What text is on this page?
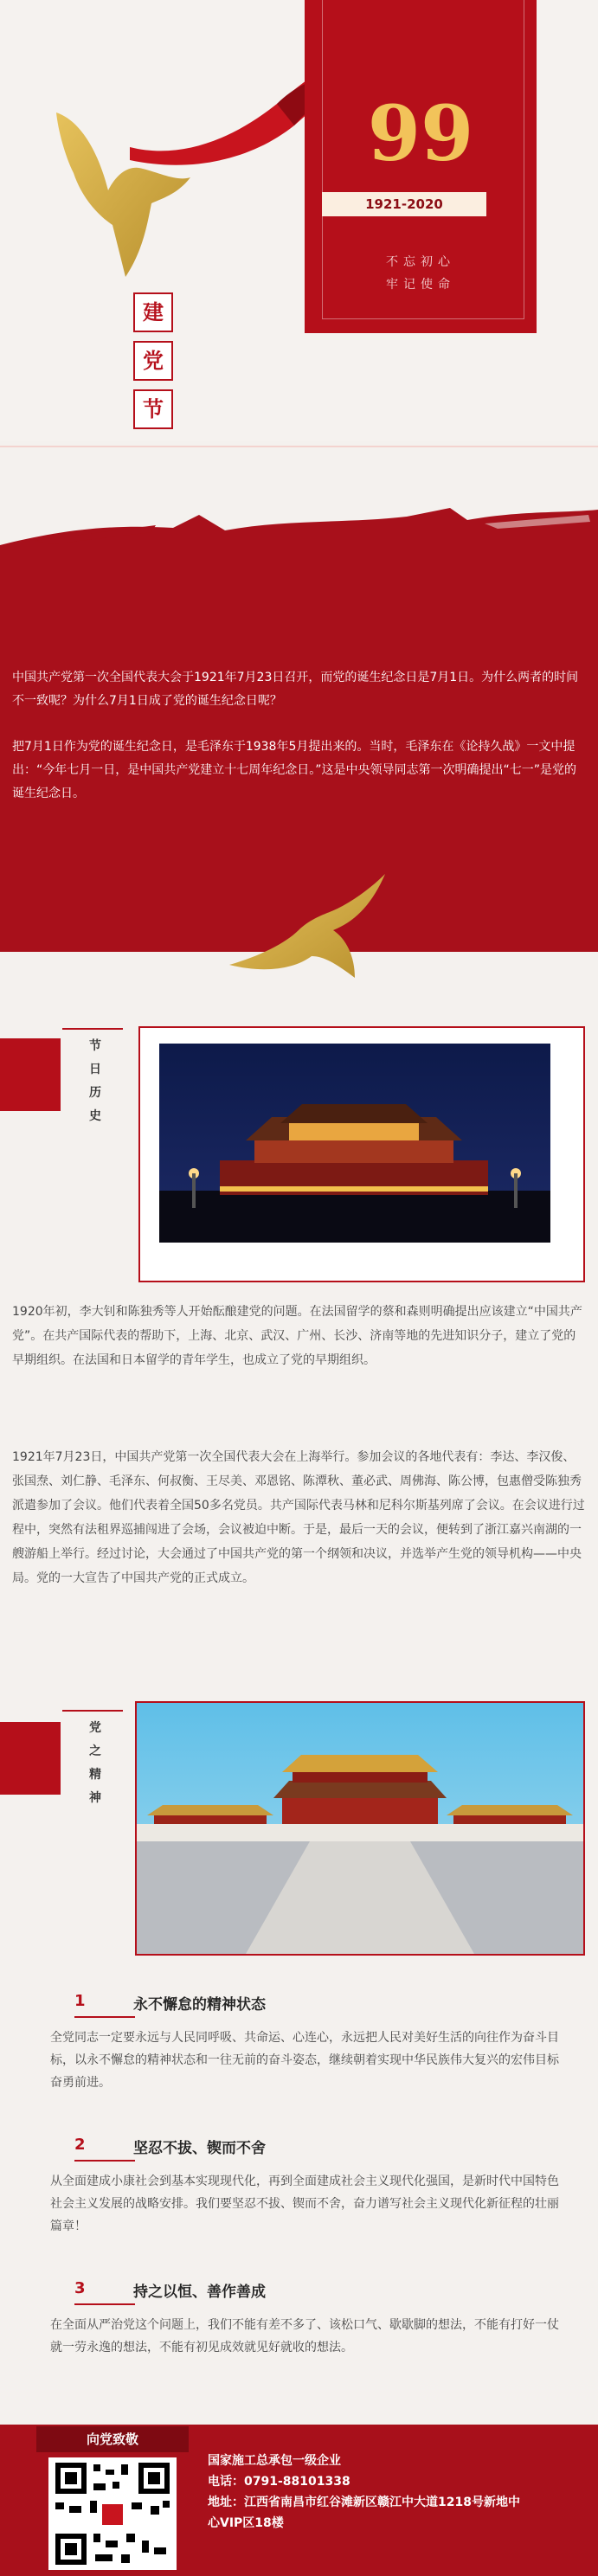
99
1921-2020
不忘初心
牢记使命
建
党
节

中国共产党第一次全国代表大会于1921年7月23日召开，而党的诞生纪念日是7月1日。为什么两者的时间不一致呢？为什么7月1日成了党的诞生纪念日呢？

把7月1日作为党的诞生纪念日，是毛泽东于1938年5月提出来的。当时，毛泽东在《论持久战》一文中提出：“今年七月一日，是中国共产党建立十七周年纪念日。”这是中央领导同志第一次明确提出“七一”是党的诞生纪念日。

节
日
历
史

1920年初，李大钊和陈独秀等人开始酝酿建党的问题。在法国留学的蔡和森则明确提出应该建立“中国共产党”。在共产国际代表的帮助下，上海、北京、武汉、广州、长沙、济南等地的先进知识分子，建立了党的早期组织。在法国和日本留学的青年学生，也成立了党的早期组织。

1921年7月23日，中国共产党第一次全国代表大会在上海举行。参加会议的各地代表有：李达、李汉俊、张国焘、刘仁静、毛泽东、何叔衡、王尽美、邓恩铭、陈潭秋、董必武、周佛海、陈公博，包惠僧受陈独秀派遣参加了会议。他们代表着全国50多名党员。共产国际代表马林和尼科尔斯基列席了会议。在会议进行过程中，突然有法租界巡捕闯进了会场，会议被迫中断。于是，最后一天的会议，便转到了浙江嘉兴南湖的一艘游船上举行。经过讨论，大会通过了中国共产党的第一个纲领和决议，并选举产生党的领导机构——中央局。党的一大宣告了中国共产党的正式成立。

党
之
精
神
1	永不懈怠的精神状态

全党同志一定要永远与人民同呼吸、共命运、心连心，永远把人民对美好生活的向往作为奋斗目标，以永不懈怠的精神状态和一往无前的奋斗姿态，继续朝着实现中华民族伟大复兴的宏伟目标奋勇前进。

2	坚忍不拔、锲而不舍

从全面建成小康社会到基本实现现代化，再到全面建成社会主义现代化强国，是新时代中国特色社会主义发展的战略安排。我们要坚忍不拔、锲而不舍，奋力谱写社会主义现代化新征程的壮丽篇章！

3	持之以恒、善作善成

在全面从严治党这个问题上，我们不能有差不多了、该松口气、歇歇脚的想法，不能有打好一仗就一劳永逸的想法，不能有初见成效就见好就收的想法。

向党致敬
国家施工总承包一级企业
电话：0791-88101338
地址：江西省南昌市红谷滩新区赣江中大道1218号新地中
心VIP区18楼
